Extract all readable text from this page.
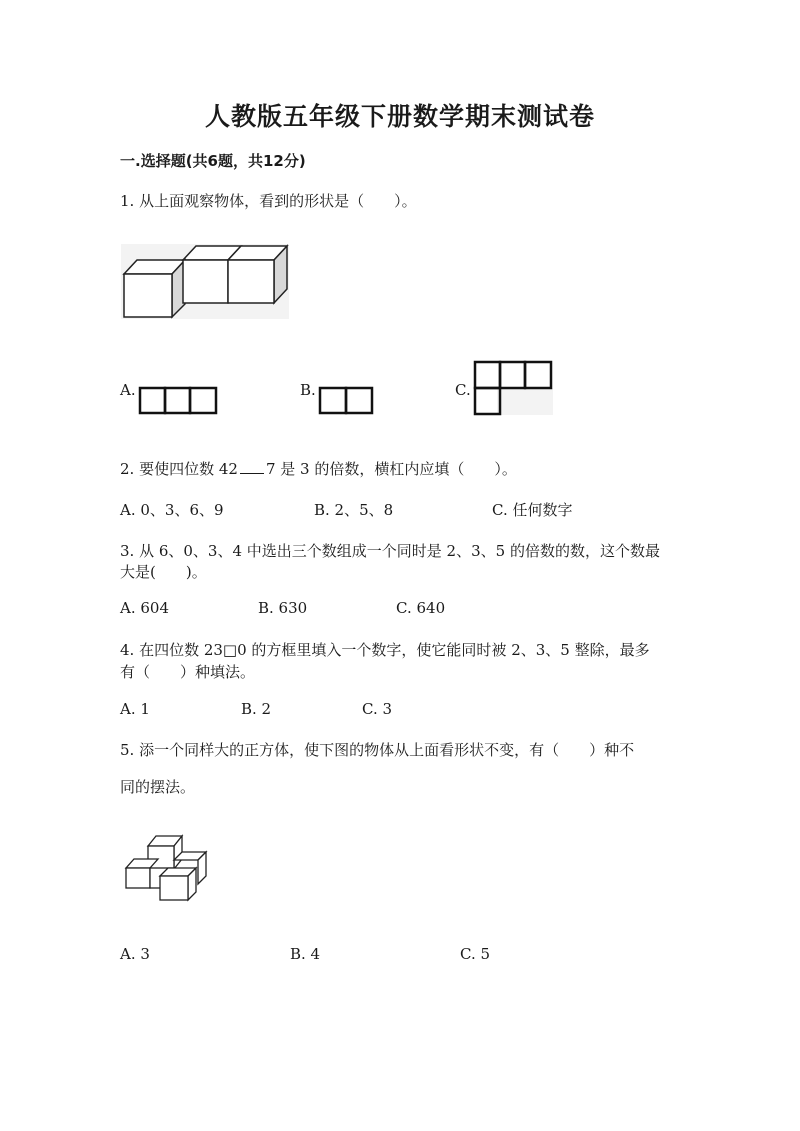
人教版五年级下册数学期末测试卷
一.选择题(共6题，共12分)
1. 从上面观察物体，看到的形状是（　　）。
A.	B.	C.
2. 要使四位数 42 7 是 3 的倍数，横杠内应填（　　）。
A. 0、3、6、9	B. 2、5、8	C. 任何数字
3. 从 6、0、3、4 中选出三个数组成一个同时是 2、3、5 的倍数的数，这个数最
大是(　　)。
A. 604	B. 630	C. 640
4. 在四位数 23□0 的方框里填入一个数字，使它能同时被 2、3、5 整除，最多
有（　　）种填法。
A. 1	B. 2	C. 3
5. 添一个同样大的正方体，使下图的物体从上面看形状不变，有（　　）种不
同的摆法。
A. 3	B. 4	C. 5
